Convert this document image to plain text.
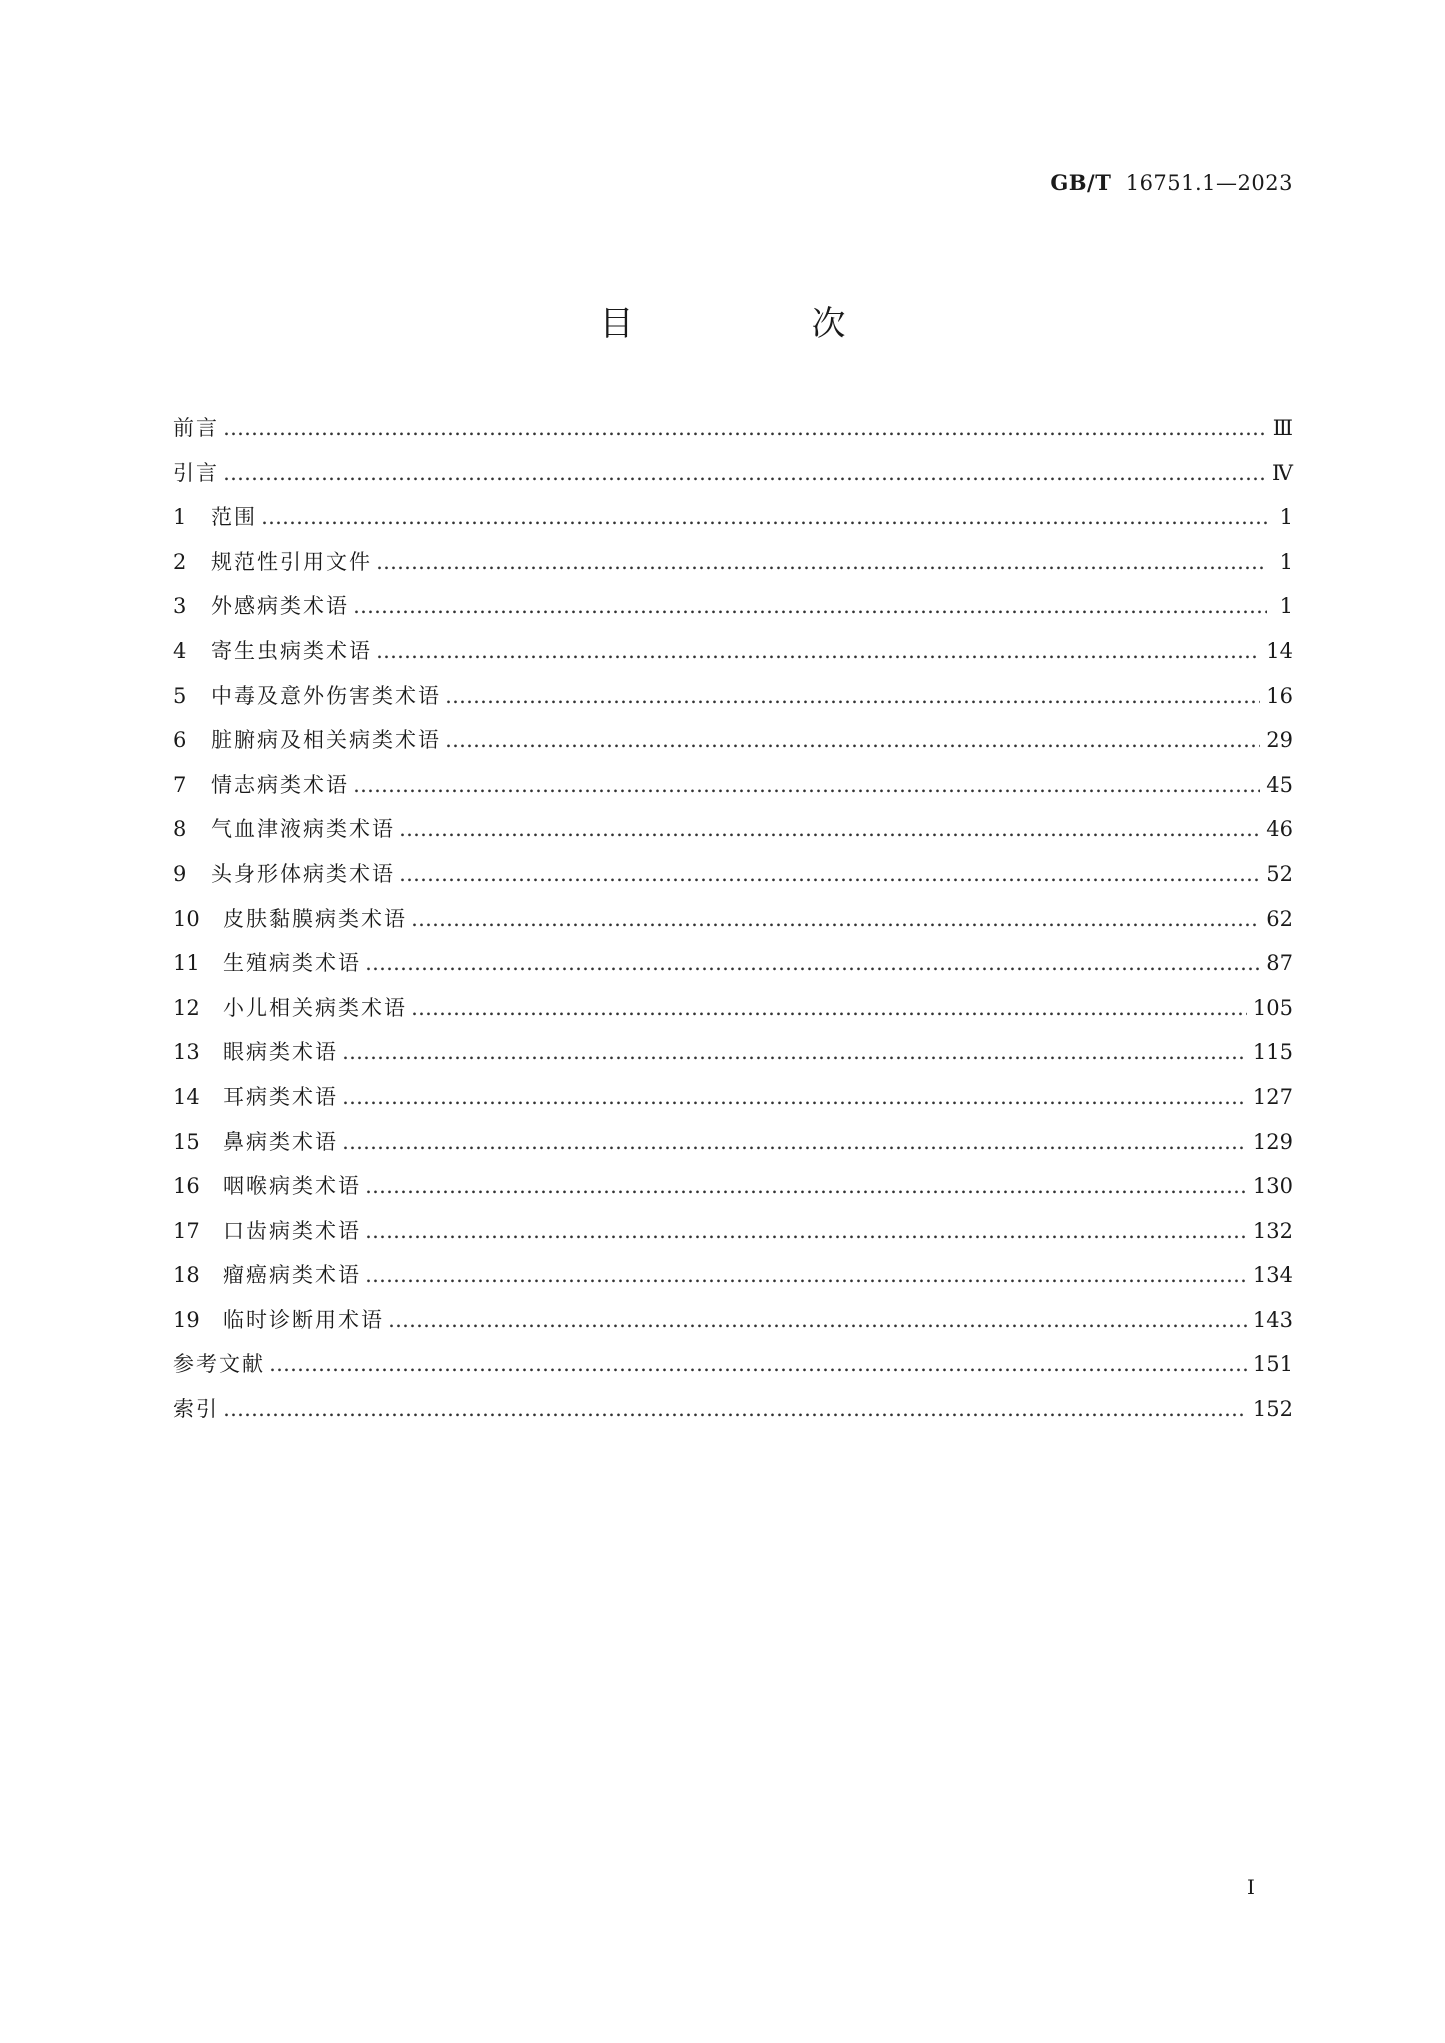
GB/T 16751.1—2023
目　次
前言 ………………………………………………………………………………………………………………………………………………………………………………………………………………………………	Ⅲ
引言 ………………………………………………………………………………………………………………………………………………………………………………………………………………………………	Ⅳ
1	范围 ………………………………………………………………………………………………………………………………………………………………………………………………………………………………	1
2	规范性引用文件 ………………………………………………………………………………………………………………………………………………………………………………………………………………………………	1
3	外感病类术语 ………………………………………………………………………………………………………………………………………………………………………………………………………………………………	1
4	寄生虫病类术语 ………………………………………………………………………………………………………………………………………………………………………………………………………………………………	14
5	中毒及意外伤害类术语 ………………………………………………………………………………………………………………………………………………………………………………………………………………………………	16
6	脏腑病及相关病类术语 ………………………………………………………………………………………………………………………………………………………………………………………………………………………………	29
7	情志病类术语 ………………………………………………………………………………………………………………………………………………………………………………………………………………………………	45
8	气血津液病类术语 ………………………………………………………………………………………………………………………………………………………………………………………………………………………………	46
9	头身形体病类术语 ………………………………………………………………………………………………………………………………………………………………………………………………………………………………	52
10	皮肤黏膜病类术语 ………………………………………………………………………………………………………………………………………………………………………………………………………………………………	62
11	生殖病类术语 ………………………………………………………………………………………………………………………………………………………………………………………………………………………………	87
12	小儿相关病类术语 ………………………………………………………………………………………………………………………………………………………………………………………………………………………………	105
13	眼病类术语 ………………………………………………………………………………………………………………………………………………………………………………………………………………………………	115
14	耳病类术语 ………………………………………………………………………………………………………………………………………………………………………………………………………………………………	127
15	鼻病类术语 ………………………………………………………………………………………………………………………………………………………………………………………………………………………………	129
16	咽喉病类术语 ………………………………………………………………………………………………………………………………………………………………………………………………………………………………	130
17	口齿病类术语 ………………………………………………………………………………………………………………………………………………………………………………………………………………………………	132
18	瘤癌病类术语 ………………………………………………………………………………………………………………………………………………………………………………………………………………………………	134
19	临时诊断用术语 ………………………………………………………………………………………………………………………………………………………………………………………………………………………………	143
参考文献 ………………………………………………………………………………………………………………………………………………………………………………………………………………………………	151
索引 ………………………………………………………………………………………………………………………………………………………………………………………………………………………………	152
I
